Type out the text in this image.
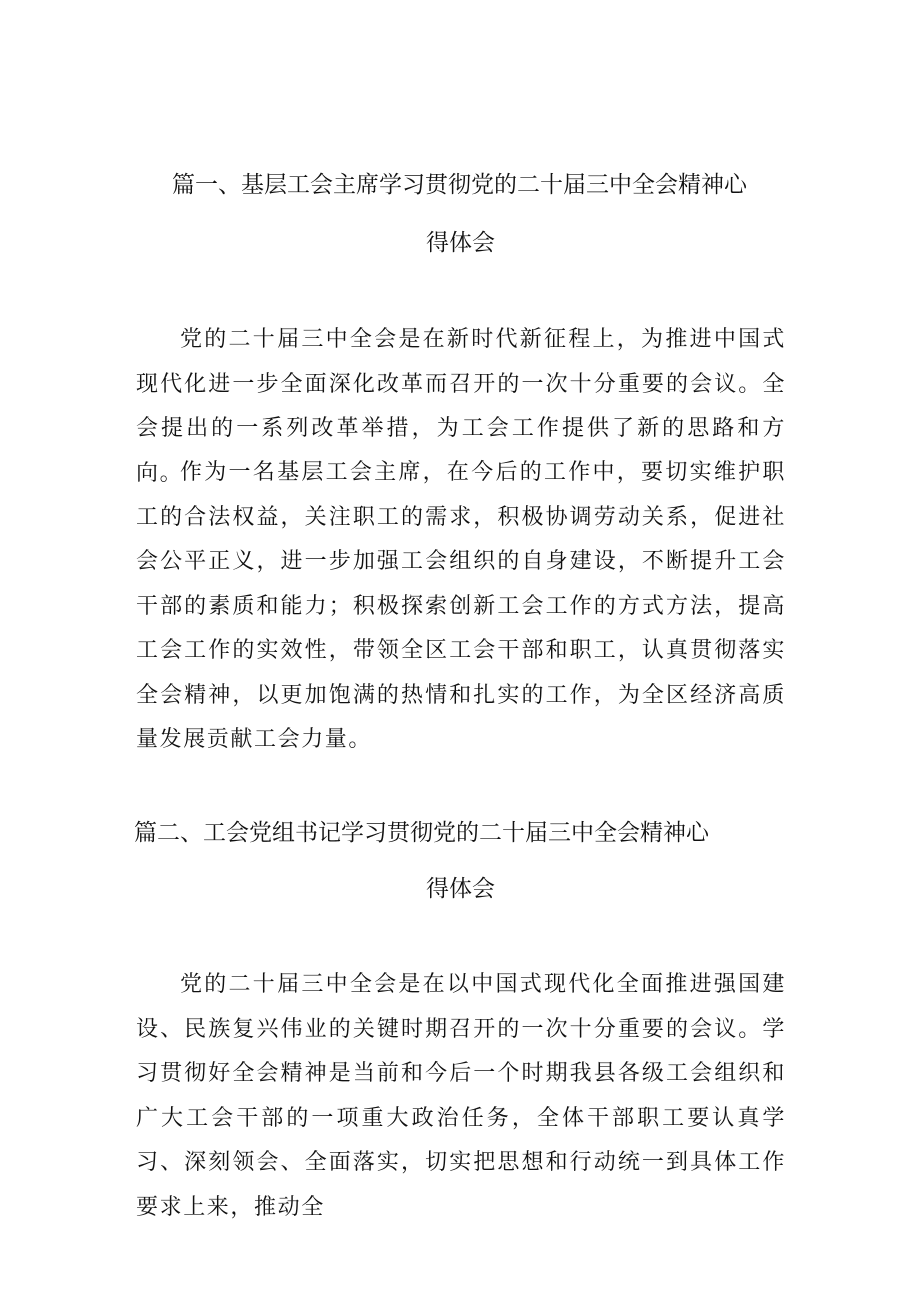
篇一、基层工会主席学习贯彻党的二十届三中全会精神心
得体会
党的二十届三中全会是在新时代新征程上，为推进中国式现代化进一步全面深化改革而召开的一次十分重要的会议。全会提出的一系列改革举措，为工会工作提供了新的思路和方向。
作为一名基层工会主席，在今后的工作中，要切实维护职工的合法权益，关注职工的需求，积极协调劳动关系，促进社会公平正义，进一步加强工会组织的自身建设，不断提升工会干部的素质和能力；积极探索创新工会工作的方式方法，提高工会工作的实效性，带领全区工会干部和职工，认真贯彻落实全会精神，以更加饱满的热情和扎实的工作，为全区经济高质量发展贡献工会力量。
篇二、工会党组书记学习贯彻党的二十届三中全会精神心
得体会
党的二十届三中全会是在以中国式现代化全面推进强国建设、民族复兴伟业的关键时期召开的一次十分重要的会议。学习贯彻好全会精神是当前和今后一个时期我县各级工会组织和广大工会干部的一项重大政治任务，全体干部职工要认真学习、深刻领会、全面落实，切实把思想和行动统一到具体工作要求上来，推动全
